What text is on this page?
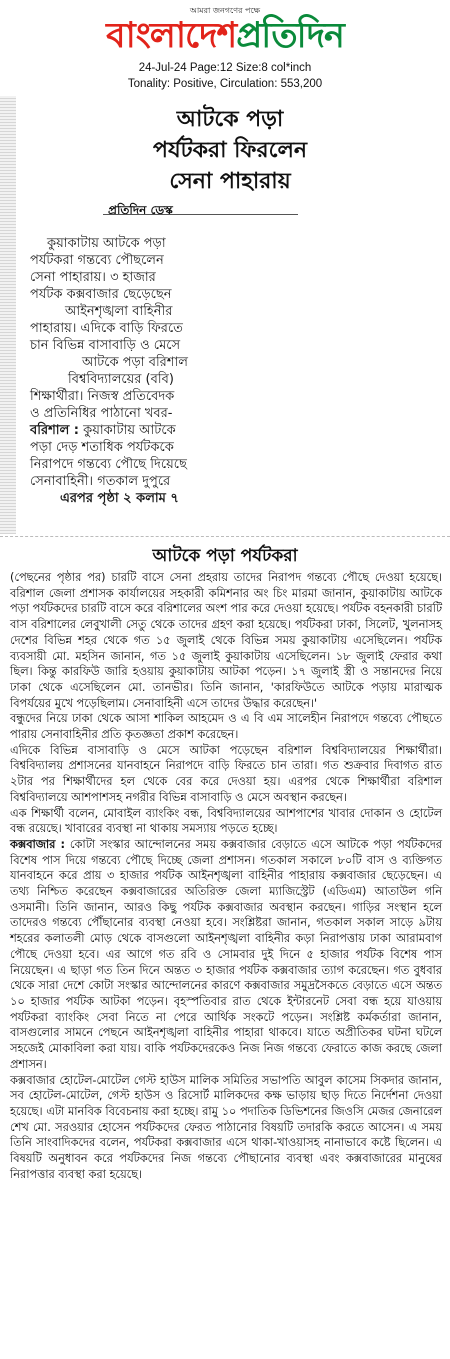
আমরা জনগণের পক্ষে
বাংলাদেশপ্রতিদিন
24-Jul-24 Page:12 Size:8 col*inch
Tonality: Positive, Circulation: 553,200
আটকে পড়া
পর্যটকরা ফিরলেন
সেনা পাহারায়
প্রতিদিন ডেস্ক
কুয়াকাটায় আটকে পড়া
পর্যটকরা গন্তব্যে পৌছলেন
সেনা পাহারায়। ৩ হাজার
পর্যটক কক্সবাজার ছেড়েছেন
আইনশৃঙ্খলা বাহিনীর
পাহারায়। এদিকে বাড়ি ফিরতে
চান বিভিন্ন বাসাবাড়ি ও মেসে
আটকে পড়া বরিশাল
বিশ্ববিদ্যালয়ের (ববি)
শিক্ষার্থীরা। নিজস্ব প্রতিবেদক
ও প্রতিনিধির পাঠানো খবর-
বরিশাল : কুয়াকাটায় আটকে
পড়া দেড় শতাধিক পর্যটককে
নিরাপদে গন্তব্যে পৌছে দিয়েছে
সেনাবাহিনী। গতকাল দুপুরে
এরপর পৃষ্ঠা ২ কলাম ৭
আটকে পড়া পর্যটকরা

(পেছনের পৃষ্ঠার পর) চারটি বাসে সেনা প্রহরায় তাদের নিরাপদ গন্তব্যে পৌছে দেওয়া হয়েছে। বরিশাল জেলা প্রশাসক কার্যালয়ের সহকারী কমিশনার অং চিং মারমা জানান, কুয়াকাটায় আটকে পড়া পর্যটকদের চারটি বাসে করে বরিশালের অংশ পার করে দেওয়া হয়েছে। পর্যটক বহনকারী চারটি বাস বরিশালের লেবুখালী সেতু থেকে তাদের গ্রহণ করা হয়েছে। পর্যটকরা ঢাকা, সিলেট, খুলনাসহ দেশের বিভিন্ন শহর থেকে গত ১৫ জুলাই থেকে বিভিন্ন সময় কুয়াকাটায় এসেছিলেন। পর্যটক ব্যবসায়ী মো. মহসিন জানান, গত ১৫ জুলাই কুয়াকাটায় এসেছিলেন। ১৮ জুলাই ফেরার কথা ছিল। কিন্তু কারফিউ জারি হওয়ায় কুয়াকাটায় আটকা পড়েন। ১৭ জুলাই স্ত্রী ও সন্তানদের নিয়ে ঢাকা থেকে এসেছিলেন মো. তানভীর। তিনি জানান, 'কারফিউতে আটকে পড়ায় মারাত্মক বিপর্যয়ের মুখে পড়েছিলাম। সেনাবাহিনী এসে তাদের উদ্ধার করেছেন।'

বন্ধুদের নিয়ে ঢাকা থেকে আসা শাকিল আহমেদ ও এ বি এম সালেহীন নিরাপদে গন্তব্যে পৌছতে পারায় সেনাবাহিনীর প্রতি কৃতজ্ঞতা প্রকাশ করেছেন।

এদিকে বিভিন্ন বাসাবাড়ি ও মেসে আটকা পড়েছেন বরিশাল বিশ্ববিদ্যালয়ের শিক্ষার্থীরা। বিশ্ববিদ্যালয় প্রশাসনের যানবাহনে নিরাপদে বাড়ি ফিরতে চান তারা। গত শুক্রবার দিবাগত রাত ২টার পর শিক্ষার্থীদের হল থেকে বের করে দেওয়া হয়। এরপর থেকে শিক্ষার্থীরা বরিশাল বিশ্ববিদ্যালয়ে আশপাশসহ নগরীর বিভিন্ন বাসাবাড়ি ও মেসে অবস্থান করছেন।

এক শিক্ষার্থী বলেন, মোবাইল ব্যাংকিং বন্ধ, বিশ্ববিদ্যালয়ের আশপাশের খাবার দোকান ও হোটেল বন্ধ রয়েছে। খাবারের ব্যবস্থা না থাকায় সমস্যায় পড়তে হচ্ছে।

কক্সবাজার : কোটা সংস্কার আন্দোলনের সময় কক্সবাজার বেড়াতে এসে আটকে পড়া পর্যটকদের বিশেষ পাস দিয়ে গন্তব্যে পৌছে দিচ্ছে জেলা প্রশাসন। গতকাল সকালে ৮০টি বাস ও ব্যক্তিগত যানবাহনে করে প্রায় ৩ হাজার পর্যটক আইনশৃঙ্খলা বাহিনীর পাহারায় কক্সবাজার ছেড়েছেন। এ তথ্য নিশ্চিত করেছেন কক্সবাজারের অতিরিক্ত জেলা ম্যাজিস্ট্রেট (এডিএম) আতাউল গনি ওসমানী। তিনি জানান, আরও কিছু পর্যটক কক্সবাজার অবস্থান করছেন। গাড়ির সংস্থান হলে তাদেরও গন্তব্যে পৌঁছানোর ব্যবস্থা নেওয়া হবে। সংশ্লিষ্টরা জানান, গতকাল সকাল সাড়ে ৯টায় শহরের কলাতলী মোড় থেকে বাসগুলো আইনশৃঙ্খলা বাহিনীর কড়া নিরাপত্তায় ঢাকা আরামবাগ পৌছে দেওয়া হবে। এর আগে গত রবি ও সোমবার দুই দিনে ৫ হাজার পর্যটক বিশেষ পাস নিয়েছেন। এ ছাড়া গত তিন দিনে অন্তত ৩ হাজার পর্যটক কক্সবাজার ত্যাগ করেছেন। গত বুধবার থেকে সারা দেশে কোটা সংস্কার আন্দোলনের কারণে কক্সবাজার সমুদ্রসৈকতে বেড়াতে এসে অন্তত ১০ হাজার পর্যটক আটকা পড়েন। বৃহস্পতিবার রাত থেকে ইন্টারনেট সেবা বন্ধ হয়ে যাওয়ায় পর্যটকরা ব্যাংকিং সেবা নিতে না পেরে আর্থিক সংকটে পড়েন। সংশ্লিষ্ট কর্মকর্তারা জানান, বাসগুলোর সামনে পেছনে আইনশৃঙ্খলা বাহিনীর পাহারা থাকবে। যাতে অপ্রীতিকর ঘটনা ঘটলে সহজেই মোকাবিলা করা যায়। বাকি পর্যটকদেরকেও নিজ নিজ গন্তব্যে ফেরাতে কাজ করছে জেলা প্রশাসন।

কক্সবাজার হোটেল-মোটেল গেস্ট হাউস মালিক সমিতির সভাপতি আবুল কাসেম সিকদার জানান, সব হোটেল-মোটেল, গেস্ট হাউস ও রিসোর্ট মালিকদের কক্ষ ভাড়ায় ছাড় দিতে নির্দেশনা দেওয়া হয়েছে। এটা মানবিক বিবেচনায় করা হচ্ছে। রামু ১০ পদাতিক ডিভিশনের জিওসি মেজর জেনারেল শেখ মো. সরওয়ার হোসেন পর্যটকদের ফেরত পাঠানোর বিষয়টি তদারকি করতে আসেন। এ সময় তিনি সাংবাদিকদের বলেন, পর্যটকরা কক্সবাজার এসে থাকা-খাওয়াসহ নানাভাবে কষ্টে ছিলেন। এ বিষয়টি অনুধাবন করে পর্যটকদের নিজ গন্তব্যে পৌছানোর ব্যবস্থা এবং কক্সবাজারের মানুষের নিরাপত্তার ব্যবস্থা করা হয়েছে।
